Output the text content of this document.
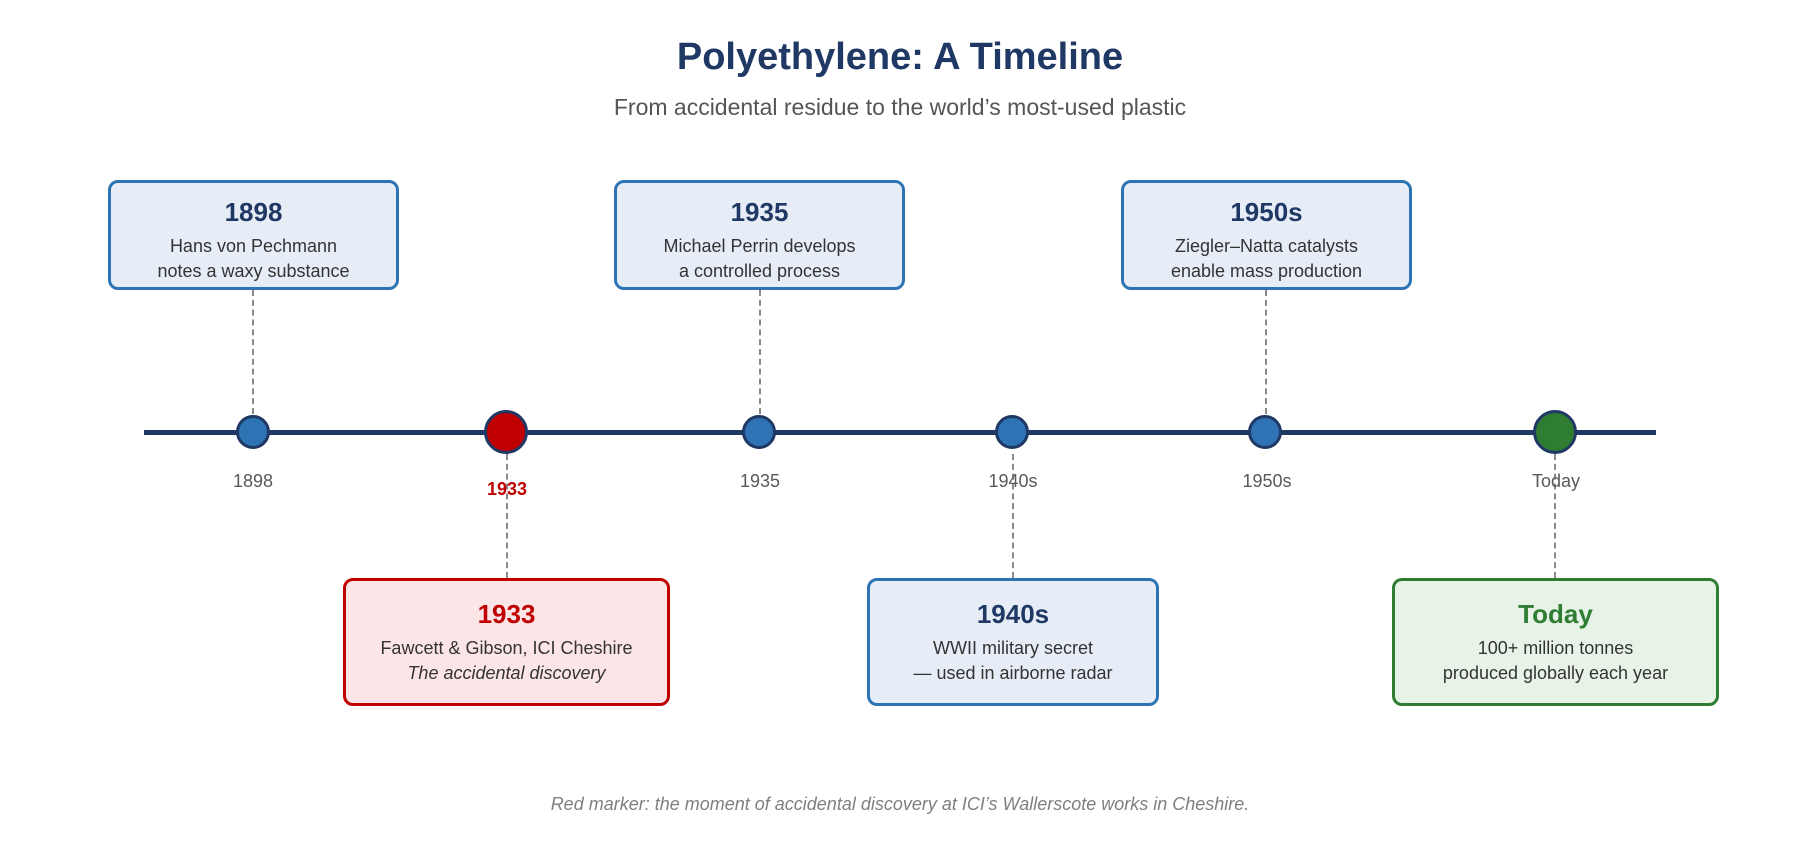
Polyethylene: A Timeline
From accidental residue to the world’s most-used plastic
1898	1933	1935	1940s	1950s	Today
1898
Hans von Pechmann
notes a waxy substance
1935
Michael Perrin develops
a controlled process
1950s
Ziegler–Natta catalysts
enable mass production
1933
Fawcett & Gibson, ICI Cheshire
The accidental discovery
1940s
WWII military secret
— used in airborne radar
Today
100+ million tonnes
produced globally each year
Red marker: the moment of accidental discovery at ICI’s Wallerscote works in Cheshire.
